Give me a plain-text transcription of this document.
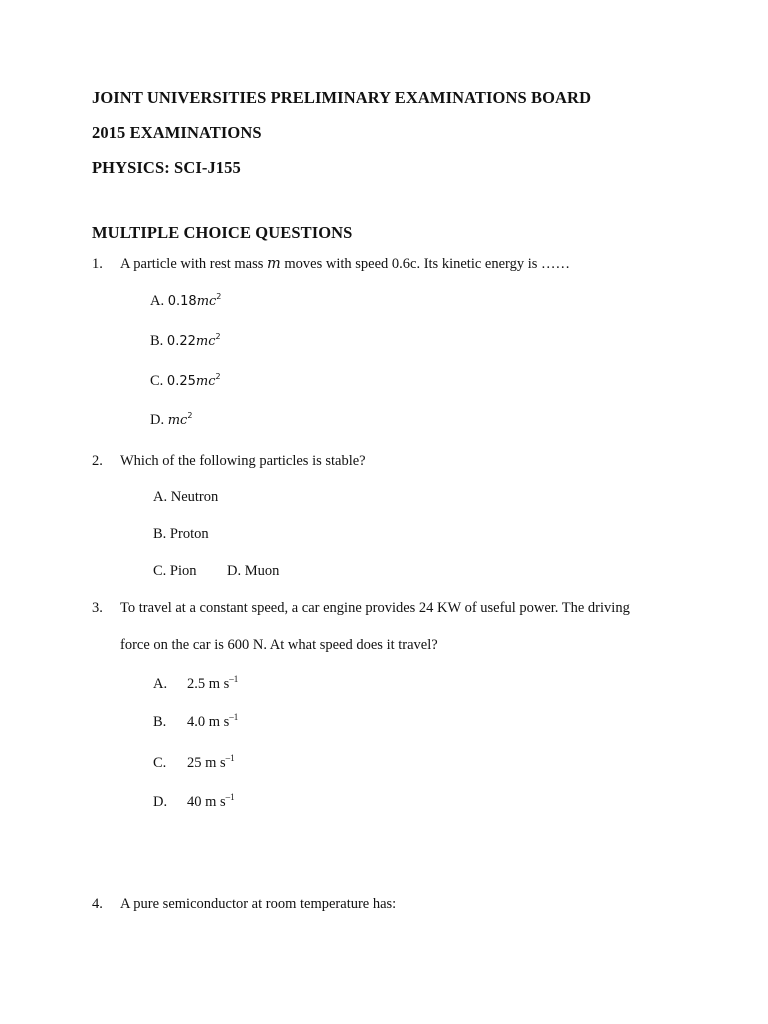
JOINT UNIVERSITIES PRELIMINARY EXAMINATIONS BOARD
2015 EXAMINATIONS
PHYSICS: SCI-J155
MULTIPLE CHOICE QUESTIONS
1. A particle with rest mass m moves with speed 0.6c. Its kinetic energy is ……
A. $0.18mc^2$
B. $0.22mc^2$
C. $0.25mc^2$
D. $mc^2$
2. Which of the following particles is stable?
A. Neutron
B. Proton
C. Pion D. Muon
3. To travel at a constant speed, a car engine provides 24 KW of useful power. The driving
force on the car is 600 N. At what speed does it travel?
A. 2.5 m $s^{-1}$
B. 4.0 m $s^{-1}$
C. 25 m $s^{-1}$
D. 40 m $s^{-1}$
4. A pure semiconductor at room temperature has:
